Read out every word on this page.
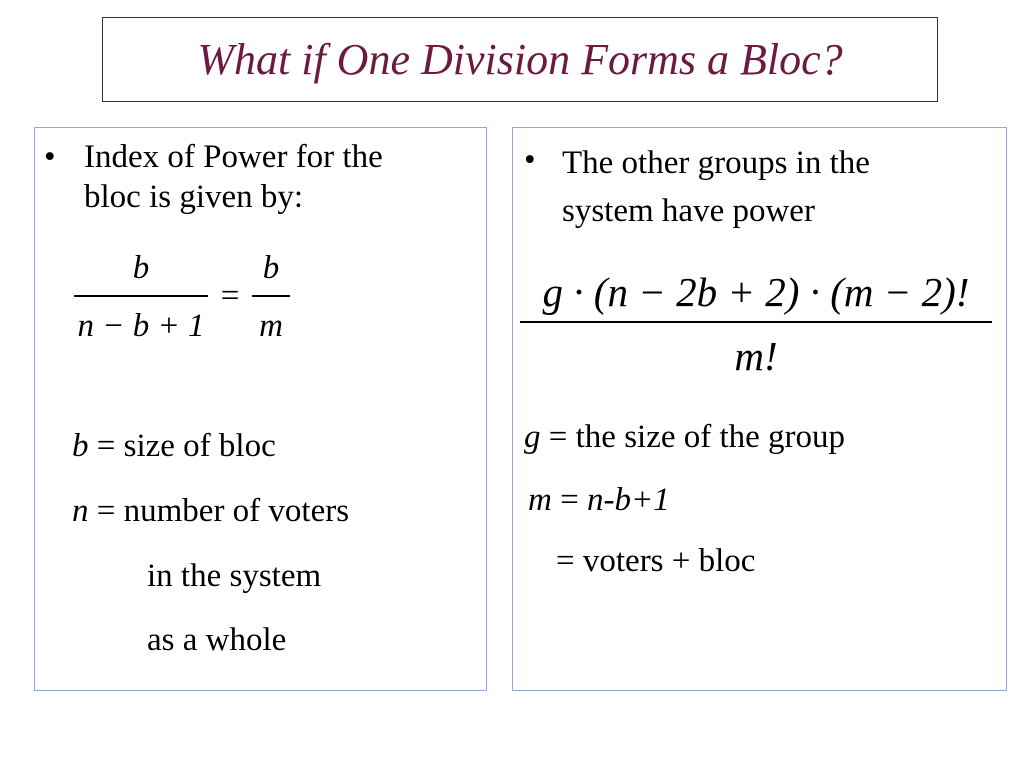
What if One Division Forms a Bloc?
• Index of Power for the
bloc is given by:
b
n − b + 1
=
b
m
b = size of bloc
n = number of voters
in the system
as a whole
• The other groups in the
system have power
g · (n − 2b + 2) · (m − 2)!
m!
g = the size of the group
m = n-b+1
= voters + bloc
